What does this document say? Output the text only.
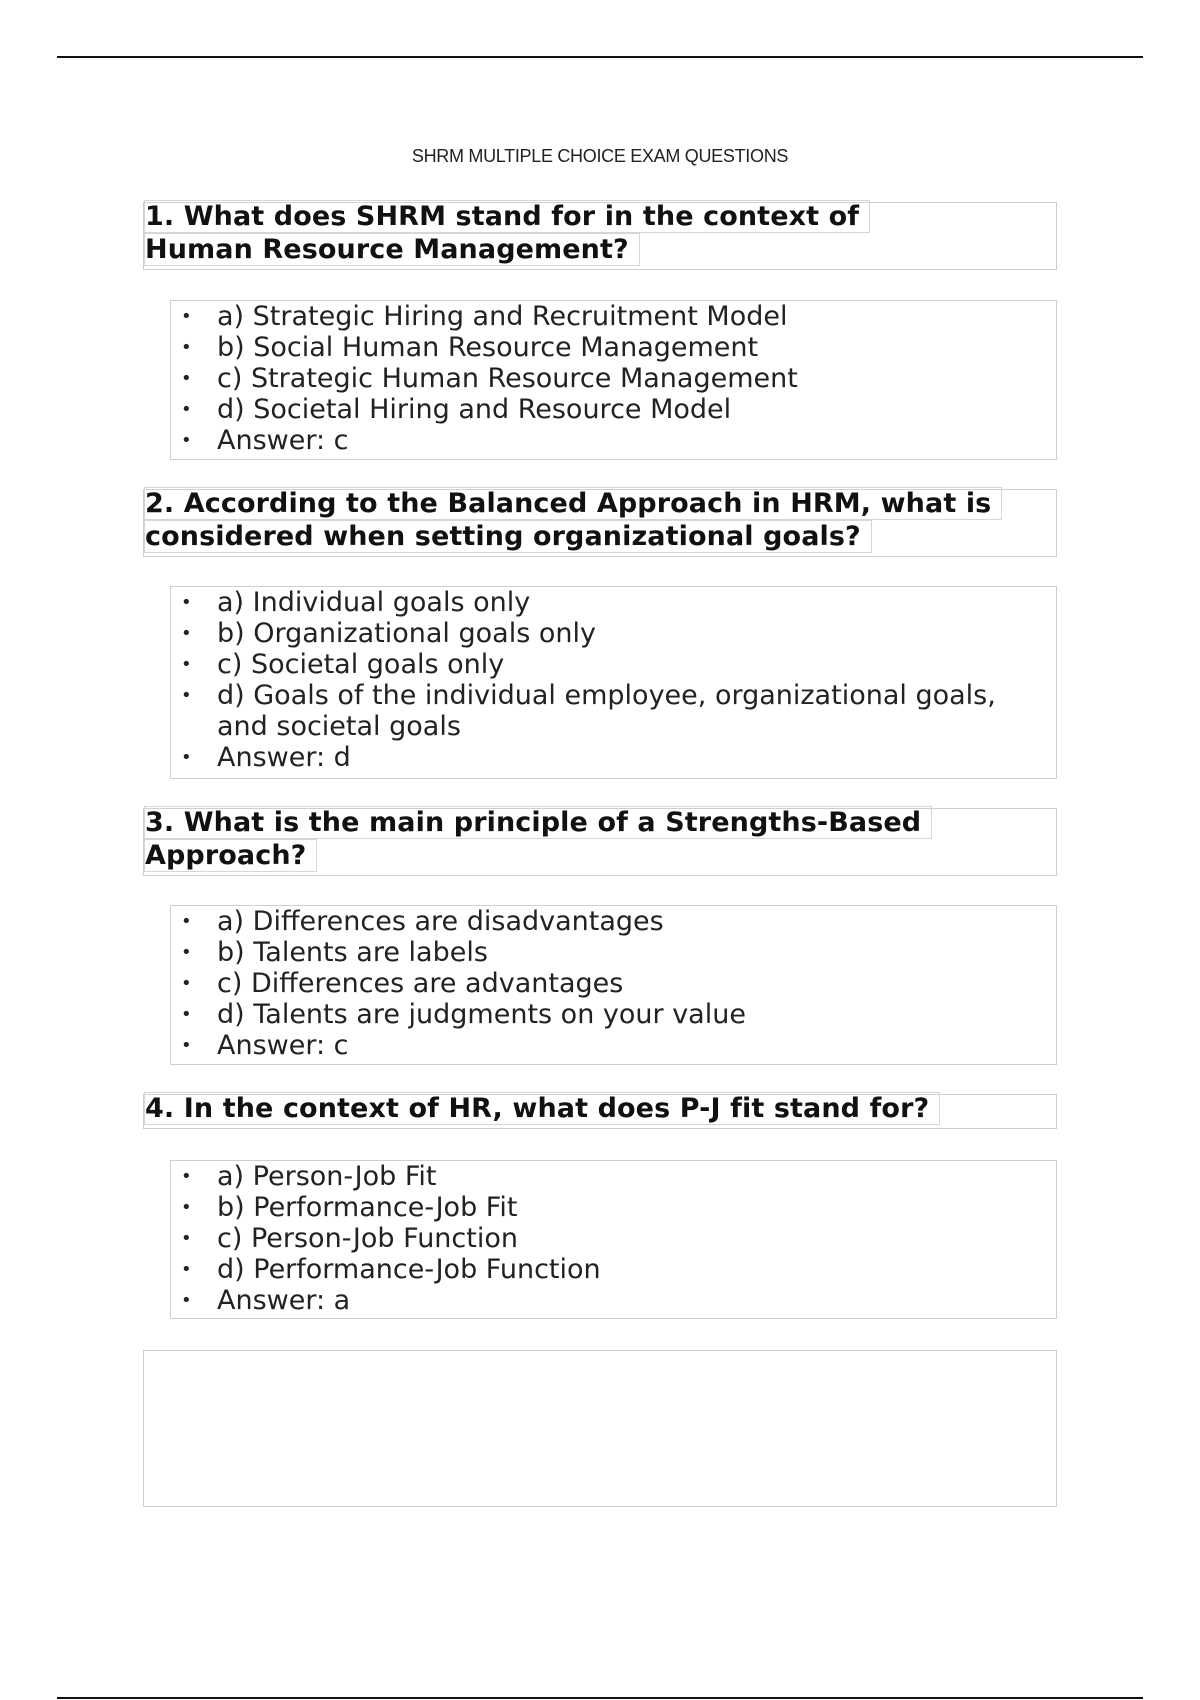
SHRM MULTIPLE CHOICE EXAM QUESTIONS
1. What does SHRM stand for in the context of Human Resource Management?
• a) Strategic Hiring and Recruitment Model
• b) Social Human Resource Management
• c) Strategic Human Resource Management
• d) Societal Hiring and Resource Model
• Answer: c
2. According to the Balanced Approach in HRM, what is considered when setting organizational goals?
• a) Individual goals only
• b) Organizational goals only
• c) Societal goals only
• d) Goals of the individual employee, organizational goals, and societal goals
• Answer: d
3. What is the main principle of a Strengths-Based Approach?
• a) Differences are disadvantages
• b) Talents are labels
• c) Differences are advantages
• d) Talents are judgments on your value
• Answer: c
4. In the context of HR, what does P-J fit stand for?
• a) Person-Job Fit
• b) Performance-Job Fit
• c) Person-Job Function
• d) Performance-Job Function
• Answer: a
